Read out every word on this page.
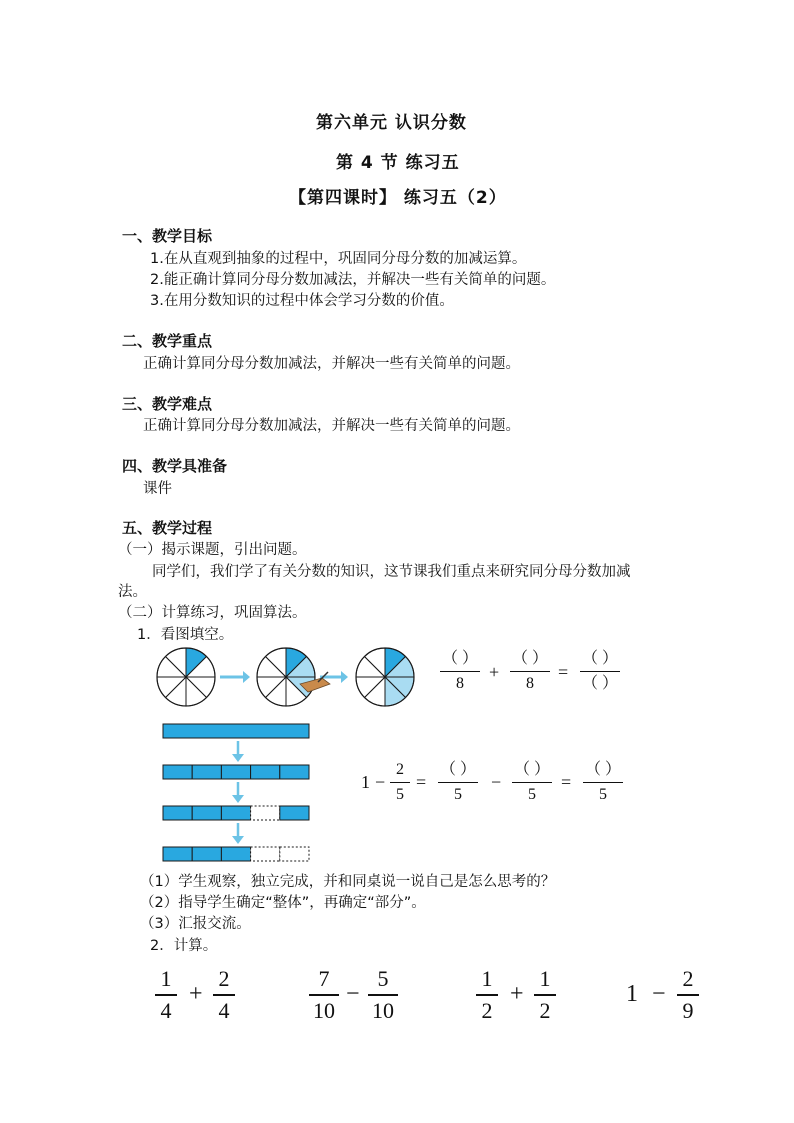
第六单元 认识分数
第 4 节 练习五
【第四课时】 练习五（2）
一、教学目标
1.在从直观到抽象的过程中，巩固同分母分数的加减运算。
2.能正确计算同分母分数加减法，并解决一些有关简单的问题。
3.在用分数知识的过程中体会学习分数的价值。
二、教学重点
正确计算同分母分数加减法，并解决一些有关简单的问题。
三、教学难点
正确计算同分母分数加减法，并解决一些有关简单的问题。
四、教学具准备
课件
五、教学过程
（一）揭示课题，引出问题。
同学们，我们学了有关分数的知识，这节课我们重点来研究同分母分数加减
法。
（二）计算练习，巩固算法。
1．看图填空。
（ ）
8
+
（ ）
8
=
（ ）
（ ）
1 −
2
5
=
（ ）
5
−
（ ）
5
=
（ ）
5
（1）学生观察，独立完成，并和同桌说一说自己是怎么思考的？
（2）指导学生确定“整体”，再确定“部分”。
（3）汇报交流。
2．计算。
1
4
+
2
4
7
10
−
5
10
1
2
+
1
2
1 −
2
9
